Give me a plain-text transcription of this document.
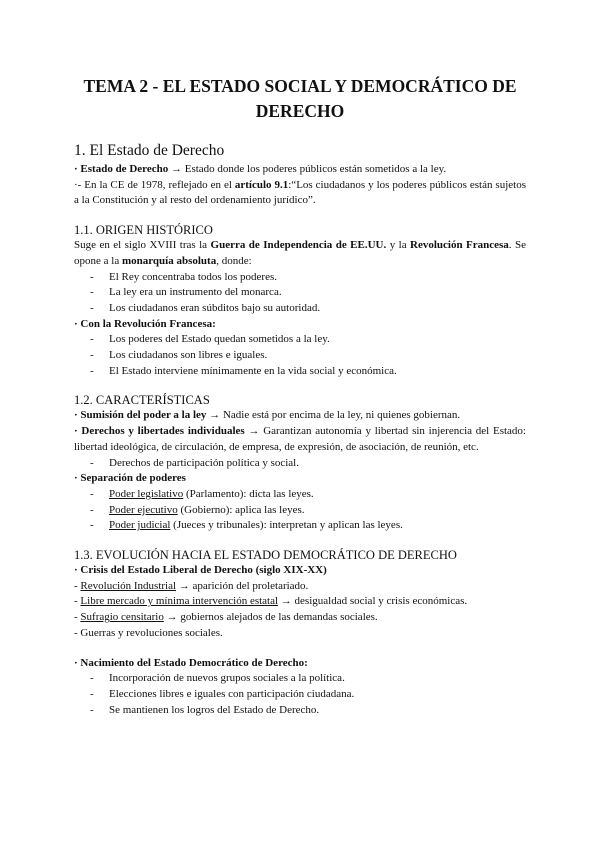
TEMA 2 - EL ESTADO SOCIAL Y DEMOCRÁTICO DE DERECHO
1. El Estado de Derecho

· Estado de Derecho → Estado donde los poderes públicos están sometidos a la ley.

·- En la CE de 1978, reflejado en el artículo 9.1:“Los ciudadanos y los poderes públicos están sujetos a la Constitución y al resto del ordenamiento jurídico”.

1.1. ORIGEN HISTÓRICO

Suge en el siglo XVIII tras la Guerra de Independencia de EE.UU. y la Revolución Francesa. Se opone a la monarquía absoluta, donde:

- El Rey concentraba todos los poderes.
- La ley era un instrumento del monarca.
- Los ciudadanos eran súbditos bajo su autoridad.

· Con la Revolución Francesa:

- Los poderes del Estado quedan sometidos a la ley.
- Los ciudadanos son libres e iguales.
- El Estado interviene mínimamente en la vida social y económica.
1.2. CARACTERÍSTICAS

· Sumisión del poder a la ley → Nadie está por encima de la ley, ni quienes gobiernan.

· Derechos y libertades individuales → Garantizan autonomía y libertad sin injerencia del Estado: libertad ideológica, de circulación, de empresa, de expresión, de asociación, de reunión, etc.

- Derechos de participación política y social.

· Separación de poderes

- Poder legislativo (Parlamento): dicta las leyes.
- Poder ejecutivo (Gobierno): aplica las leyes.
- Poder judicial (Jueces y tribunales): interpretan y aplican las leyes.
1.3. EVOLUCIÓN HACIA EL ESTADO DEMOCRÁTICO DE DERECHO

· Crisis del Estado Liberal de Derecho (siglo XIX-XX)

- Revolución Industrial → aparición del proletariado.

- Libre mercado y mínima intervención estatal → desigualdad social y crisis económicas.

- Sufragio censitario → gobiernos alejados de las demandas sociales.

- Guerras y revoluciones sociales.

· Nacimiento del Estado Democrático de Derecho:

- Incorporación de nuevos grupos sociales a la política.
- Elecciones libres e iguales con participación ciudadana.
- Se mantienen los logros del Estado de Derecho.
